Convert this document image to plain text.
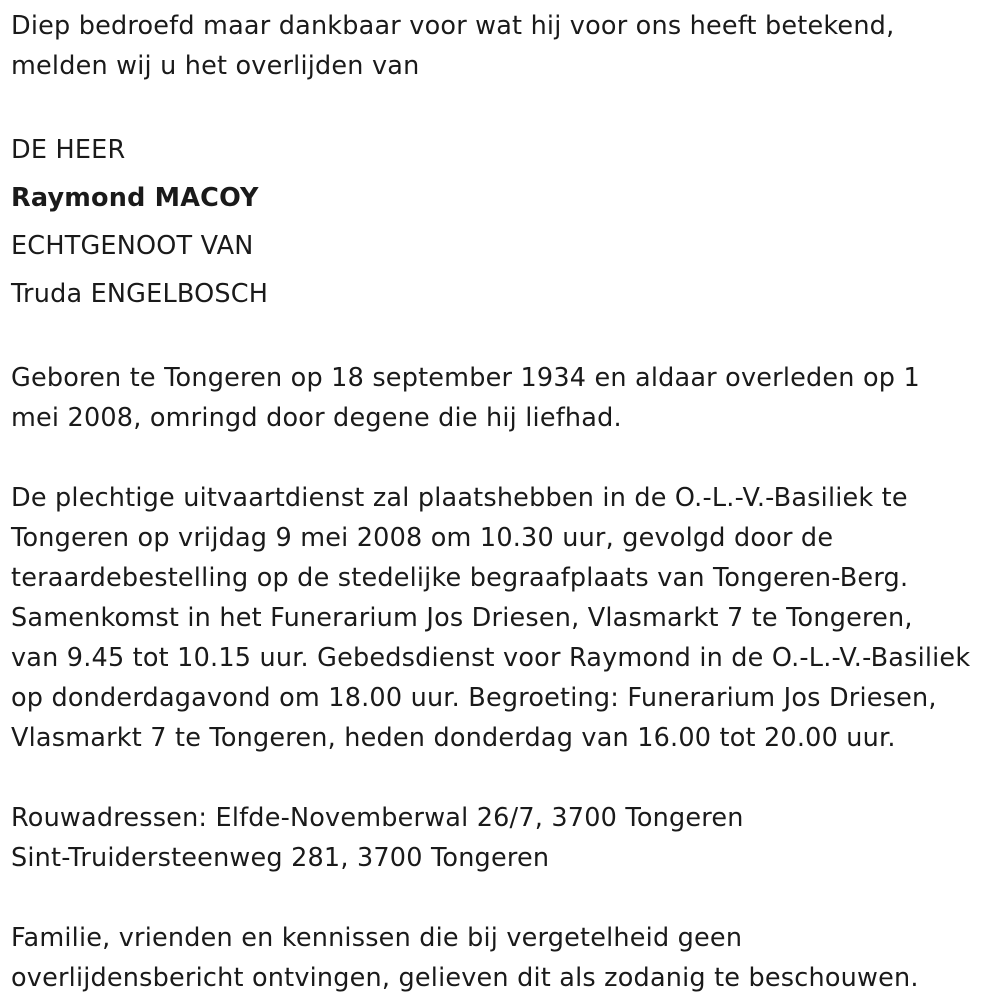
Diep bedroefd maar dankbaar voor wat hij voor ons heeft betekend,
melden wij u het overlijden van

DE HEER
Raymond MACOY
ECHTGENOOT VAN
Truda ENGELBOSCH

Geboren te Tongeren op 18 september 1934 en aldaar overleden op 1
mei 2008, omringd door degene die hij liefhad.

De plechtige uitvaartdienst zal plaatshebben in de O.-L.-V.-Basiliek te
Tongeren op vrijdag 9 mei 2008 om 10.30 uur, gevolgd door de
teraardebestelling op de stedelijke begraafplaats van Tongeren-Berg.
Samenkomst in het Funerarium Jos Driesen, Vlasmarkt 7 te Tongeren,
van 9.45 tot 10.15 uur. Gebedsdienst voor Raymond in de O.-L.-V.-Basiliek
op donderdagavond om 18.00 uur. Begroeting: Funerarium Jos Driesen,
Vlasmarkt 7 te Tongeren, heden donderdag van 16.00 tot 20.00 uur.

Rouwadressen: Elfde-Novemberwal 26/7, 3700 Tongeren
Sint-Truidersteenweg 281, 3700 Tongeren

Familie, vrienden en kennissen die bij vergetelheid geen
overlijdensbericht ontvingen, gelieven dit als zodanig te beschouwen.
